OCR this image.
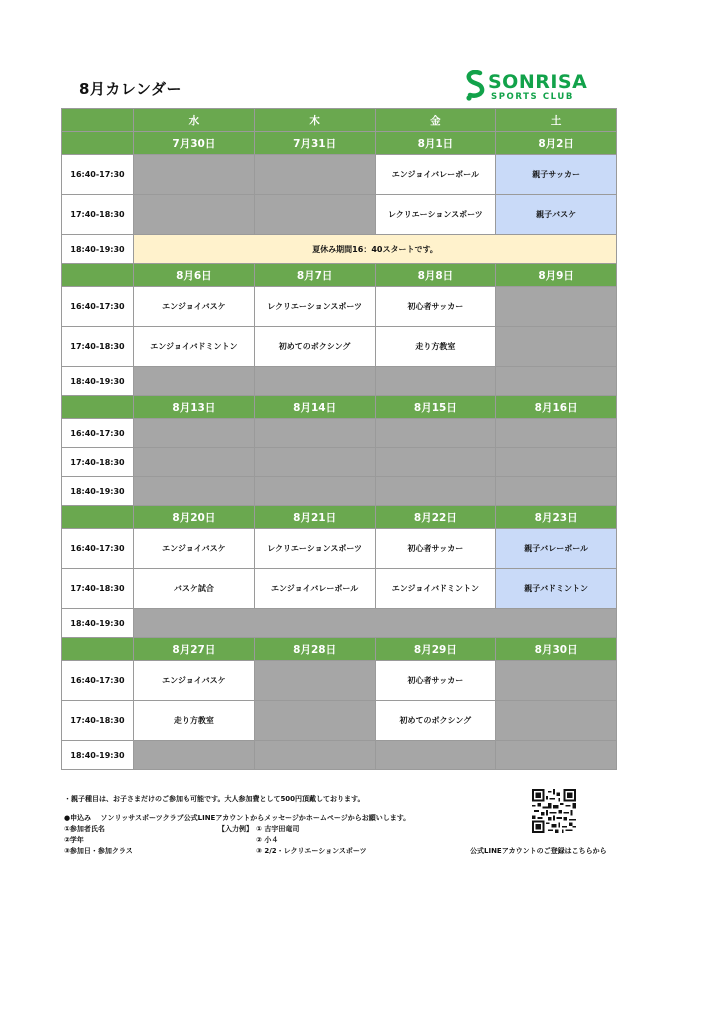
8月カレンダー	SONRISA
SPORTS CLUB
	水	木	金	土
	7月30日	7月31日	8月1日	8月2日
16:40-17:30			エンジョイバレーボール	親子サッカー
17:40-18:30			レクリエーションスポーツ	親子バスケ
18:40-19:30	夏休み期間16：40スタートです。			
	8月6日	8月7日	8月8日	8月9日
16:40-17:30	エンジョイバスケ	レクリエーションスポーツ	初心者サッカー	
17:40-18:30	エンジョイバドミントン	初めてのボクシング	走り方教室	
18:40-19:30				
	8月13日	8月14日	8月15日	8月16日
16:40-17:30				
17:40-18:30				
18:40-19:30				
	8月20日	8月21日	8月22日	8月23日
16:40-17:30	エンジョイバスケ	レクリエーションスポーツ	初心者サッカー	親子バレーボール
17:40-18:30	バスケ試合	エンジョイバレーボール	エンジョイバドミントン	親子バドミントン
18:40-19:30				
	8月27日	8月28日	8月29日	8月30日
16:40-17:30	エンジョイバスケ		初心者サッカー	
17:40-18:30	走り方教室		初めてのボクシング	
18:40-19:30				
・親子種目は、お子さまだけのご参加も可能です。大人参加費として500円頂戴しております。
●申込み　 ソンリッサスポーツクラブ公式LINEアカウントからメッセージかホームページからお願いします。
①参加者氏名
②学年
③参加日・参加クラス
【入力例】 ① 古宇田竜司
② 小４
③ 2/2・レクリエーションスポーツ	公式LINEアカウントのご登録はこちらから
